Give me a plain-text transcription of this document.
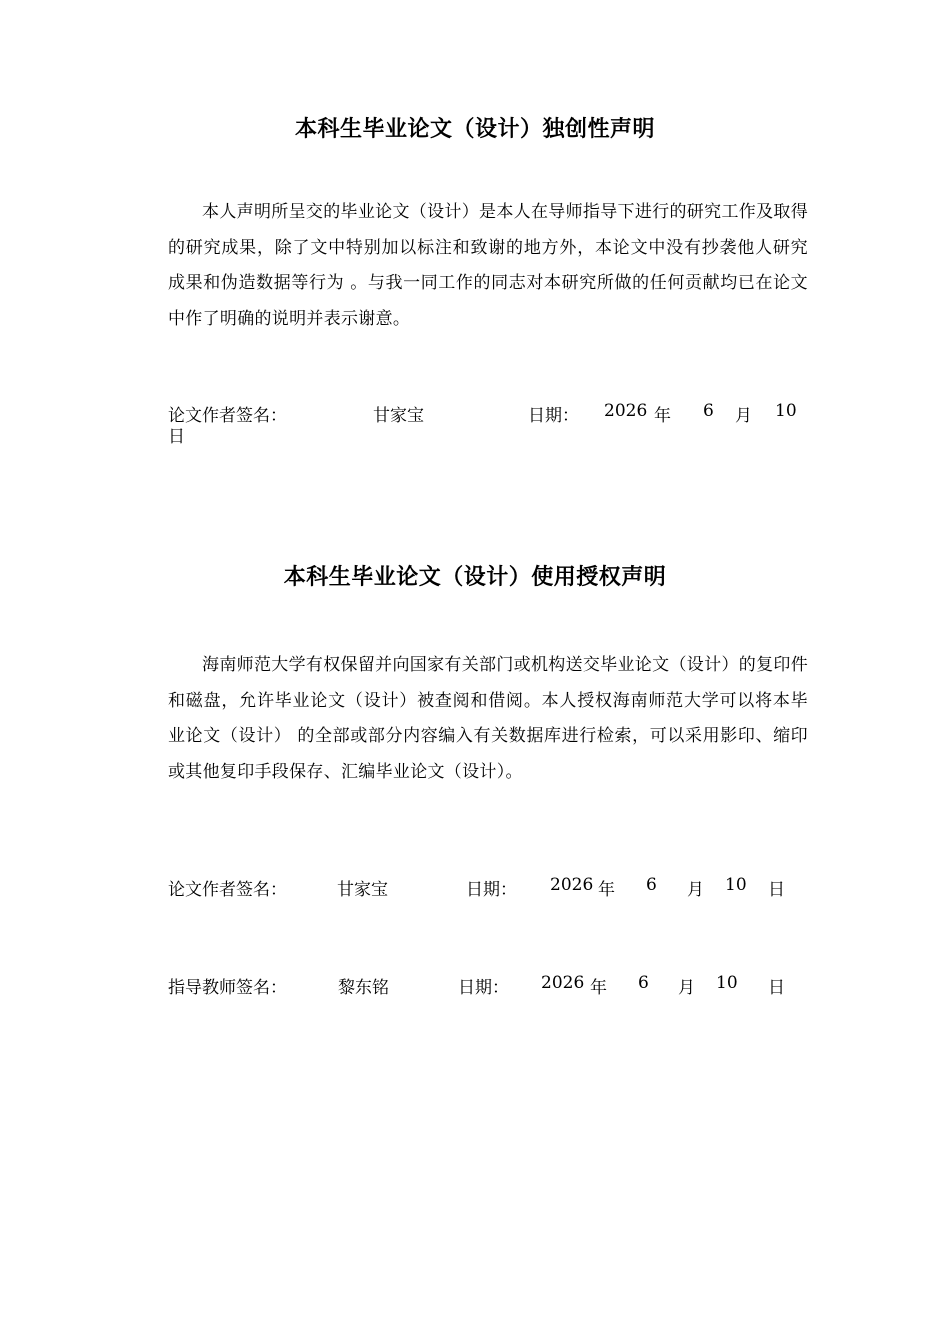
本科生毕业论文（设计）独创性声明

本人声明所呈交的毕业论文（设计）是本人在导师指导下进行的研究工作及取得的研究成果，除了文中特别加以标注和致谢的地方外，本论文中没有抄袭他人研究成果和伪造数据等行为 。与我一同工作的同志对本研究所做的任何贡献均已在论文中作了明确的说明并表示谢意。

论文作者签名：	甘家宝	日期： 2026 年 6 月 10
日
本科生毕业论文（设计）使用授权声明

海南师范大学有权保留并向国家有关部门或机构送交毕业论文（设计）的复印件和磁盘，允许毕业论文（设计）被查阅和借阅。本人授权海南师范大学可以将本毕业论文（设计） 的全部或部分内容编入有关数据库进行检索，可以采用影印、缩印或其他复印手段保存、汇编毕业论文（设计）。

论文作者签名：	甘家宝	日期： 2026 年 6 月 10 日
指导教师签名：	黎东铭	日期： 2026 年 6 月 10 日
